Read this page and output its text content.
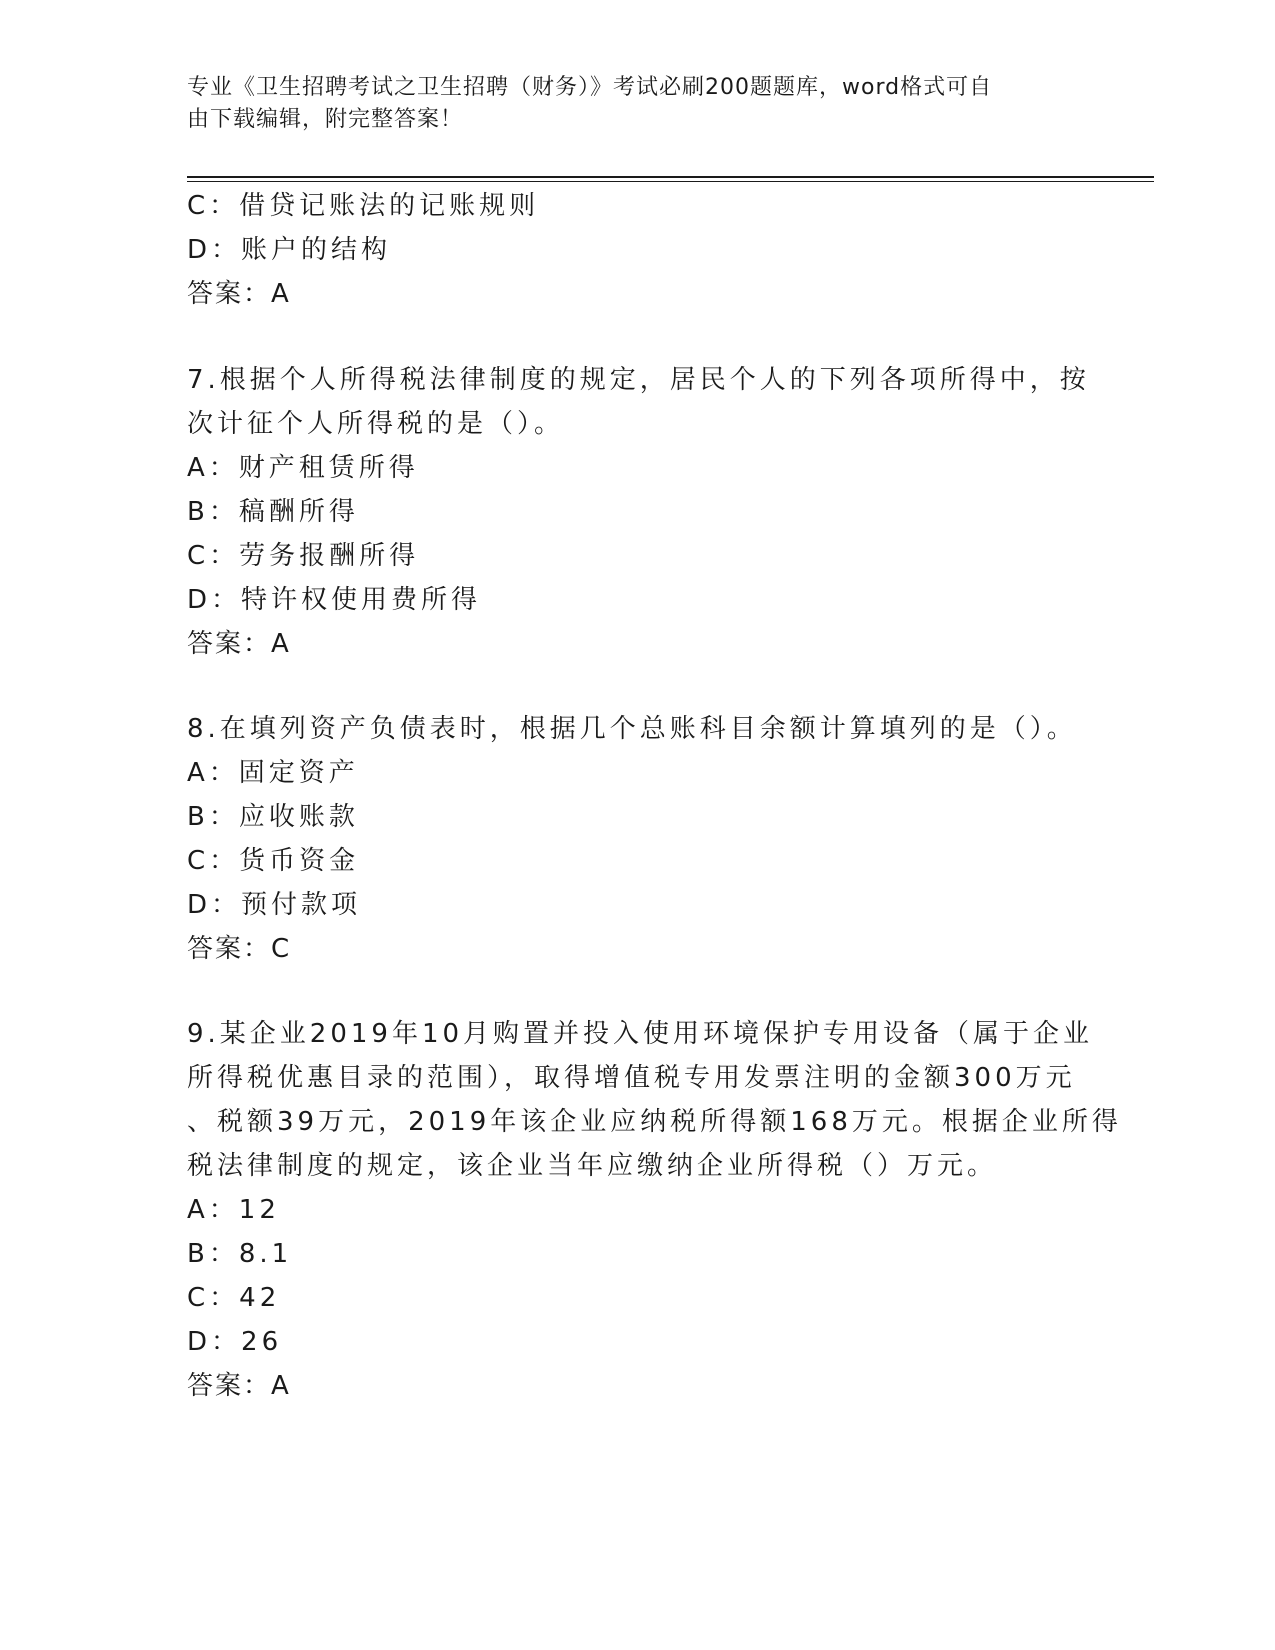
专业《卫生招聘考试之卫生招聘（财务）》考试必刷200题题库，word格式可自
由下载编辑，附完整答案！
C：借贷记账法的记账规则
D：账户的结构
答案：A
7.根据个人所得税法律制度的规定，居民个人的下列各项所得中，按
次计征个人所得税的是（）。
A：财产租赁所得
B：稿酬所得
C：劳务报酬所得
D：特许权使用费所得
答案：A
8.在填列资产负债表时，根据几个总账科目余额计算填列的是（）。
A：固定资产
B：应收账款
C：货币资金
D：预付款项
答案：C
9.某企业2019年10月购置并投入使用环境保护专用设备（属于企业
所得税优惠目录的范围），取得增值税专用发票注明的金额300万元
、税额39万元，2019年该企业应纳税所得额168万元。根据企业所得
税法律制度的规定，该企业当年应缴纳企业所得税（）万元。
A：12
B：8.1
C：42
D：26
答案：A
